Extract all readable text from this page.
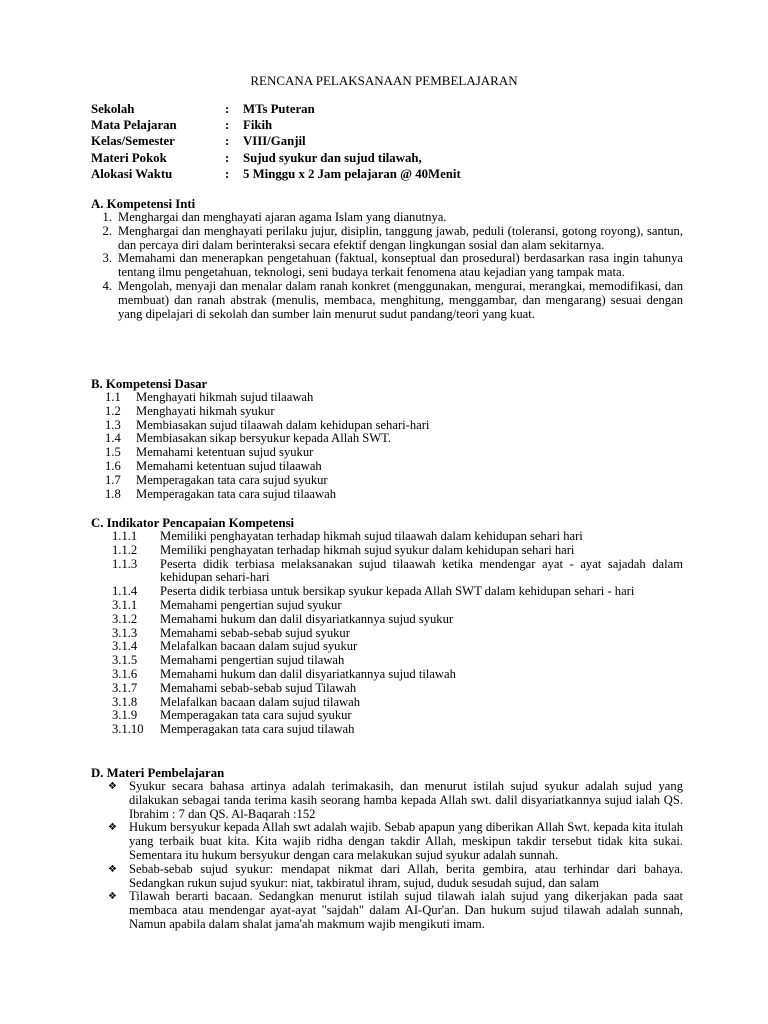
RENCANA PELAKSANAAN PEMBELAJARAN
Sekolah	:	MTs Puteran
Mata Pelajaran	:	Fikih
Kelas/Semester	:	VIII/Ganjil
Materi Pokok	:	Sujud syukur dan sujud tilawah,
Alokasi Waktu	:	5 Minggu x 2 Jam pelajaran @ 40Menit
A. Kompetensi Inti
1. Menghargai dan menghayati ajaran agama Islam yang dianutnya.
2. Menghargai dan menghayati perilaku jujur, disiplin, tanggung jawab, peduli (toleransi, gotong royong), santun, dan percaya diri dalam berinteraksi secara efektif dengan lingkungan sosial dan alam sekitarnya.
3. Memahami dan menerapkan pengetahuan (faktual, konseptual dan prosedural) berdasarkan rasa ingin tahunya tentang ilmu pengetahuan, teknologi, seni budaya terkait fenomena atau kejadian yang tampak mata.
4. Mengolah, menyaji dan menalar dalam ranah konkret (menggunakan, mengurai, merangkai, memodifikasi, dan membuat) dan ranah abstrak (menulis, membaca, menghitung, menggambar, dan mengarang) sesuai dengan yang dipelajari di sekolah dan sumber lain menurut sudut pandang/teori yang kuat.
B. Kompetensi Dasar
1.1	Menghayati hikmah sujud tilaawah
1.2	Menghayati hikmah syukur
1.3	Membiasakan sujud tilaawah dalam kehidupan sehari-hari
1.4	Membiasakan sikap bersyukur kepada Allah SWT.
1.5	Memahami ketentuan sujud syukur
1.6	Memahami ketentuan sujud tilaawah
1.7	Memperagakan tata cara sujud syukur
1.8	Memperagakan tata cara sujud tilaawah
C. Indikator Pencapaian Kompetensi
1.1.1	Memiliki penghayatan terhadap hikmah sujud tilaawah dalam kehidupan sehari hari
1.1.2	Memiliki penghayatan terhadap hikmah sujud syukur dalam kehidupan sehari hari
1.1.3	Peserta didik terbiasa melaksanakan sujud tilaawah ketika mendengar ayat - ayat sajadah dalam kehidupan sehari-hari
1.1.4	Peserta didik terbiasa untuk bersikap syukur kepada Allah SWT dalam kehidupan sehari - hari
3.1.1	Memahami pengertian sujud syukur
3.1.2	Memahami hukum dan dalil disyariatkannya sujud syukur
3.1.3	Memahami sebab-sebab sujud syukur
3.1.4	Melafalkan bacaan dalam sujud syukur
3.1.5	Memahami pengertian sujud tilawah
3.1.6	Memahami hukum dan dalil disyariatkannya sujud tilawah
3.1.7	Memahami sebab-sebab sujud Tilawah
3.1.8	Melafalkan bacaan dalam sujud tilawah
3.1.9	Memperagakan tata cara sujud syukur
3.1.10	Memperagakan tata cara sujud tilawah
D. Materi Pembelajaran
❖ Syukur secara bahasa artinya adalah terimakasih, dan menurut istilah sujud syukur adalah sujud yang dilakukan sebagai tanda terima kasih seorang hamba kepada Allah swt. dalil disyariatkannya sujud ialah QS. Ibrahim : 7 dan QS. Al-Baqarah :152
❖ Hukum bersyukur kepada Allah swt adalah wajib. Sebab apapun yang diberikan Allah Swt. kepada kita itulah yang terbaik buat kita. Kita wajib ridha dengan takdir Allah, meskipun takdir tersebut tidak kita sukai. Sementara itu hukum bersyukur dengan cara melakukan sujud syukur adalah sunnah.
❖ Sebab-sebab sujud syukur: mendapat nikmat dari Allah, berita gembira, atau terhindar dari bahaya. Sedangkan rukun sujud syukur: niat, takbiratul ihram, sujud, duduk sesudah sujud, dan salam
❖ Tilawah berarti bacaan. Sedangkan menurut istilah sujud tilawah ialah sujud yang dikerjakan pada saat membaca atau mendengar ayat-ayat "sajdah" dalam AI-Qur'an. Dan hukum sujud tilawah adalah sunnah, Namun apabila dalam shalat jama'ah makmum wajib mengikuti imam.
